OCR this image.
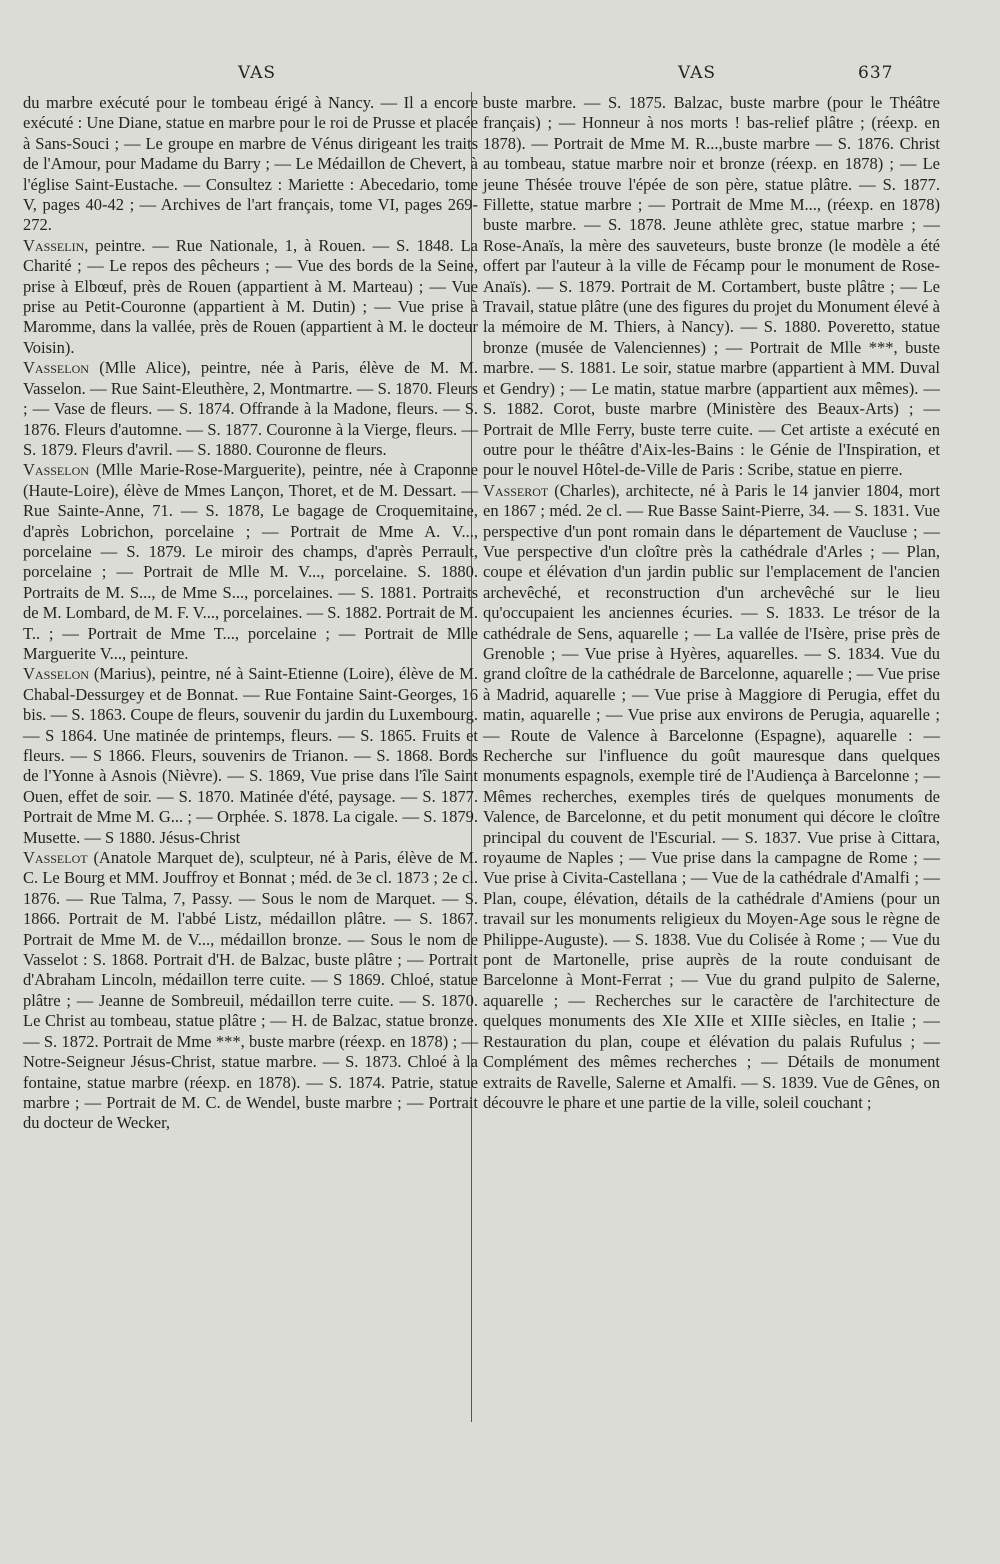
VAS	VAS	637

du marbre exécuté pour le tombeau érigé à Nancy. — Il a encore exécuté : Une Diane, statue en marbre pour le roi de Prusse et placée à Sans-Souci ; — Le groupe en marbre de Vénus dirigeant les traits de l'Amour, pour Madame du Barry ; — Le Médaillon de Chevert, à l'église Saint-Eustache. — Consultez : Mariette : Abecedario, tome V, pages 40-42 ; — Archives de l'art français, tome VI, pages 269-272.

Vasselin, peintre. — Rue Nationale, 1, à Rouen. — S. 1848. La Charité ; — Le repos des pêcheurs ; — Vue des bords de la Seine, prise à Elbœuf, près de Rouen (appartient à M. Marteau) ; — Vue prise au Petit-Couronne (appartient à M. Dutin) ; — Vue prise à Maromme, dans la vallée, près de Rouen (appartient à M. le docteur Voisin).

Vasselon (Mlle Alice), peintre, née à Paris, élève de M. M. Vasselon. — Rue Saint-Eleuthère, 2, Montmartre. — S. 1870. Fleurs ; — Vase de fleurs. — S. 1874. Offrande à la Madone, fleurs. — S. 1876. Fleurs d'automne. — S. 1877. Couronne à la Vierge, fleurs. — S. 1879. Fleurs d'avril. — S. 1880. Couronne de fleurs.

Vasselon (Mlle Marie-Rose-Marguerite), peintre, née à Craponne (Haute-Loire), élève de Mmes Lançon, Thoret, et de M. Dessart. — Rue Sainte-Anne, 71. — S. 1878, Le bagage de Croquemitaine, d'après Lobrichon, porcelaine ; — Portrait de Mme A. V..., porcelaine — S. 1879. Le miroir des champs, d'après Perrault, porcelaine ; — Portrait de Mlle M. V..., porcelaine. S. 1880. Portraits de M. S..., de Mme S..., porcelaines. — S. 1881. Portraits de M. Lombard, de M. F. V..., porcelaines. — S. 1882. Portrait de M. T.. ; — Portrait de Mme T..., porcelaine ; — Portrait de Mlle Marguerite V..., peinture.

Vasselon (Marius), peintre, né à Saint-Etienne (Loire), élève de M. Chabal-Dessurgey et de Bonnat. — Rue Fontaine Saint-Georges, 16 bis. — S. 1863. Coupe de fleurs, souvenir du jardin du Luxembourg. — S 1864. Une matinée de printemps, fleurs. — S. 1865. Fruits et fleurs. — S 1866. Fleurs, souvenirs de Trianon. — S. 1868. Bords de l'Yonne à Asnois (Nièvre). — S. 1869, Vue prise dans l'île Saint Ouen, effet de soir. — S. 1870. Matinée d'été, paysage. — S. 1877. Portrait de Mme M. G... ; — Orphée. S. 1878. La cigale. — S. 1879. Musette. — S 1880. Jésus-Christ

Vasselot (Anatole Marquet de), sculpteur, né à Paris, élève de M. C. Le Bourg et MM. Jouffroy et Bonnat ; méd. de 3e cl. 1873 ; 2e cl. 1876. — Rue Talma, 7, Passy. — Sous le nom de Marquet. — S. 1866. Portrait de M. l'abbé Listz, médaillon plâtre. — S. 1867. Portrait de Mme M. de V..., médaillon bronze. — Sous le nom de Vasselot : S. 1868. Portrait d'H. de Balzac, buste plâtre ; — Portrait d'Abraham Lincoln, médaillon terre cuite. — S 1869. Chloé, statue plâtre ; — Jeanne de Sombreuil, médaillon terre cuite. — S. 1870. Le Christ au tombeau, statue plâtre ; — H. de Balzac, statue bronze. — S. 1872. Portrait de Mme ***, buste marbre (réexp. en 1878) ; — Notre-Seigneur Jésus-Christ, statue marbre. — S. 1873. Chloé à la fontaine, statue marbre (réexp. en 1878). — S. 1874. Patrie, statue marbre ; — Portrait de M. C. de Wendel, buste marbre ; — Portrait du docteur de Wecker,

buste marbre. — S. 1875. Balzac, buste marbre (pour le Théâtre français) ; — Honneur à nos morts ! bas-relief plâtre ; (réexp. en 1878). — Portrait de Mme M. R...,buste marbre — S. 1876. Christ au tombeau, statue marbre noir et bronze (réexp. en 1878) ; — Le jeune Thésée trouve l'épée de son père, statue plâtre. — S. 1877. Fillette, statue marbre ; — Portrait de Mme M..., (réexp. en 1878) buste marbre. — S. 1878. Jeune athlète grec, statue marbre ; — Rose-Anaïs, la mère des sauveteurs, buste bronze (le modèle a été offert par l'auteur à la ville de Fécamp pour le monument de Rose-Anaïs). — S. 1879. Portrait de M. Cortambert, buste plâtre ; — Le Travail, statue plâtre (une des figures du projet du Monument élevé à la mémoire de M. Thiers, à Nancy). — S. 1880. Poveretto, statue bronze (musée de Valenciennes) ; — Portrait de Mlle ***, buste marbre. — S. 1881. Le soir, statue marbre (appartient à MM. Duval et Gendry) ; — Le matin, statue marbre (appartient aux mêmes). — S. 1882. Corot, buste marbre (Ministère des Beaux-Arts) ; — Portrait de Mlle Ferry, buste terre cuite. — Cet artiste a exécuté en outre pour le théâtre d'Aix-les-Bains : le Génie de l'Inspiration, et pour le nouvel Hôtel-de-Ville de Paris : Scribe, statue en pierre.

Vasserot (Charles), architecte, né à Paris le 14 janvier 1804, mort en 1867 ; méd. 2e cl. — Rue Basse Saint-Pierre, 34. — S. 1831. Vue perspective d'un pont romain dans le département de Vaucluse ; — Vue perspective d'un cloître près la cathédrale d'Arles ; — Plan, coupe et élévation d'un jardin public sur l'emplacement de l'ancien archevêché, et reconstruction d'un archevêché sur le lieu qu'occupaient les anciennes écuries. — S. 1833. Le trésor de la cathédrale de Sens, aquarelle ; — La vallée de l'Isère, prise près de Grenoble ; — Vue prise à Hyères, aquarelles. — S. 1834. Vue du grand cloître de la cathédrale de Barcelonne, aquarelle ; — Vue prise à Madrid, aquarelle ; — Vue prise à Maggiore di Perugia, effet du matin, aquarelle ; — Vue prise aux environs de Perugia, aquarelle ; — Route de Valence à Barcelonne (Espagne), aquarelle : — Recherche sur l'influence du goût mauresque dans quelques monuments espagnols, exemple tiré de l'Audiença à Barcelonne ; — Mêmes recherches, exemples tirés de quelques monuments de Valence, de Barcelonne, et du petit monument qui décore le cloître principal du couvent de l'Escurial. — S. 1837. Vue prise à Cittara, royaume de Naples ; — Vue prise dans la campagne de Rome ; — Vue prise à Civita-Castellana ; — Vue de la cathédrale d'Amalfi ; — Plan, coupe, élévation, détails de la cathédrale d'Amiens (pour un travail sur les monuments religieux du Moyen-Age sous le règne de Philippe-Auguste). — S. 1838. Vue du Colisée à Rome ; — Vue du pont de Martonelle, prise auprès de la route conduisant de Barcelonne à Mont-Ferrat ; — Vue du grand pulpito de Salerne, aquarelle ; — Recherches sur le caractère de l'architecture de quelques monuments des XIe XIIe et XIIIe siècles, en Italie ; — Restauration du plan, coupe et élévation du palais Rufulus ; — Complément des mêmes recherches ; — Détails de monument extraits de Ravelle, Salerne et Amalfi. — S. 1839. Vue de Gênes, on découvre le phare et une partie de la ville, soleil couchant ;
